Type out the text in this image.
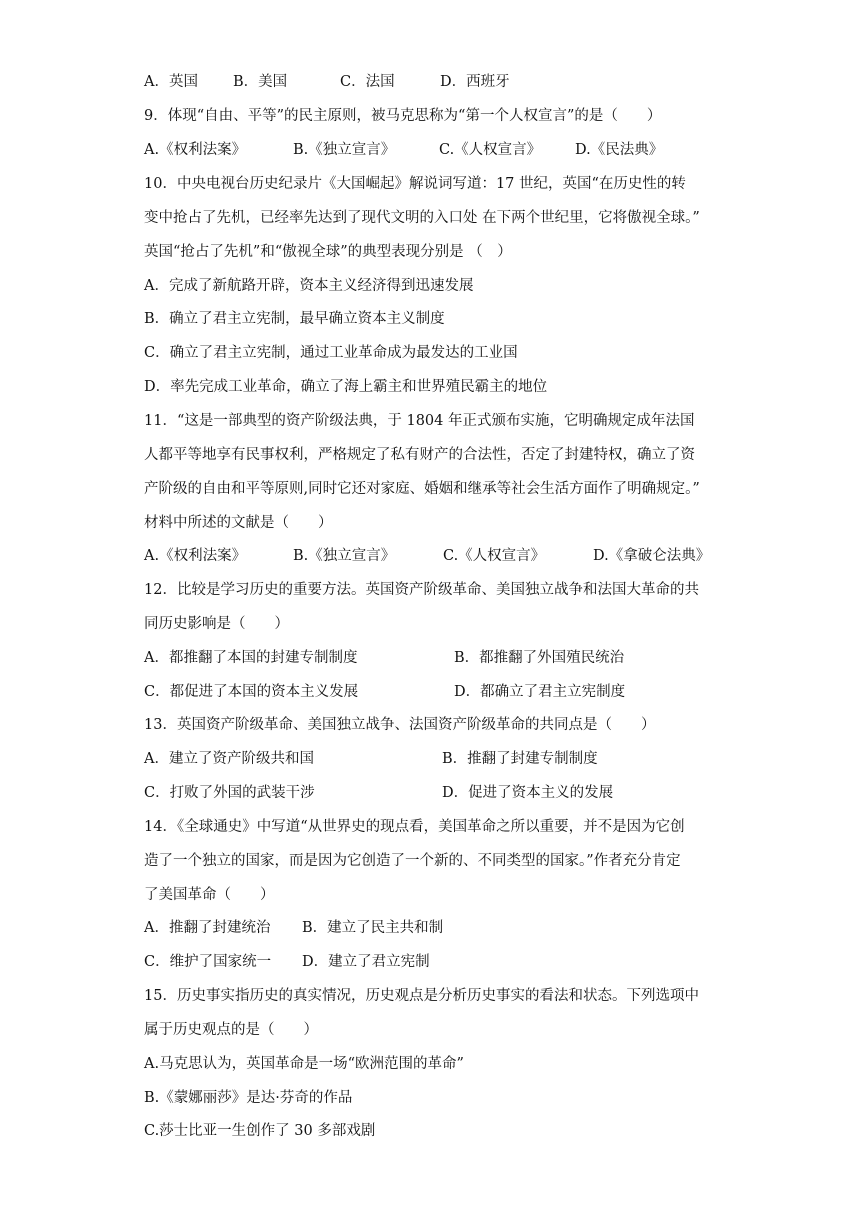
A．英国 B．美国	C．法国	D．西班牙
9．体现“自由、平等”的民主原则，被马克思称为“第一个人权宣言”的是（　　）
A.《权利法案》	B.《独立宣言》	C.《人权宣言》 D.《民法典》
10．中央电视台历史纪录片《大国崛起》解说词写道：17 世纪，英国“在历史性的转
变中抢占了先机，已经率先达到了现代文明的入口处 在下两个世纪里，它将傲视全球。”
英国“抢占了先机”和“傲视全球”的典型表现分别是 （　）
A．完成了新航路开辟，资本主义经济得到迅速发展
B．确立了君主立宪制，最早确立资本主义制度
C．确立了君主立宪制，通过工业革命成为最发达的工业国
D．率先完成工业革命，确立了海上霸主和世界殖民霸主的地位
11．“这是一部典型的资产阶级法典，于 1804 年正式颁布实施，它明确规定成年法国
人都平等地享有民事权利，严格规定了私有财产的合法性，否定了封建特权，确立了资
产阶级的自由和平等原则,同时它还对家庭、婚姻和继承等社会生活方面作了明确规定。”
材料中所述的文献是（　　）
A.《权利法案》	B.《独立宣言》	C.《人权宣言》	D.《拿破仑法典》
12．比较是学习历史的重要方法。英国资产阶级革命、美国独立战争和法国大革命的共
同历史影响是（　　）
A．都推翻了本国的封建专制制度	B．都推翻了外国殖民统治
C．都促进了本国的资本主义发展	D．都确立了君主立宪制度
13．英国资产阶级革命、美国独立战争、法国资产阶级革命的共同点是（　　）
A．建立了资产阶级共和国	B．推翻了封建专制制度
C．打败了外国的武装干涉	D．促进了资本主义的发展
14．《全球通史》中写道“从世界史的现点看，美国革命之所以重要，并不是因为它创
造了一个独立的国家，而是因为它创造了一个新的、不同类型的国家。”作者充分肯定
了美国革命（　　）
A．推翻了封建统治 B．建立了民主共和制
C．维护了国家统一 D．建立了君立宪制
15．历史事实指历史的真实情况，历史观点是分析历史事实的看法和状态。下列选项中
属于历史观点的是（　　）
A.马克思认为，英国革命是一场“欧洲范围的革命”
B.《蒙娜丽莎》是达·芬奇的作品
C.莎士比亚一生创作了 30 多部戏剧
